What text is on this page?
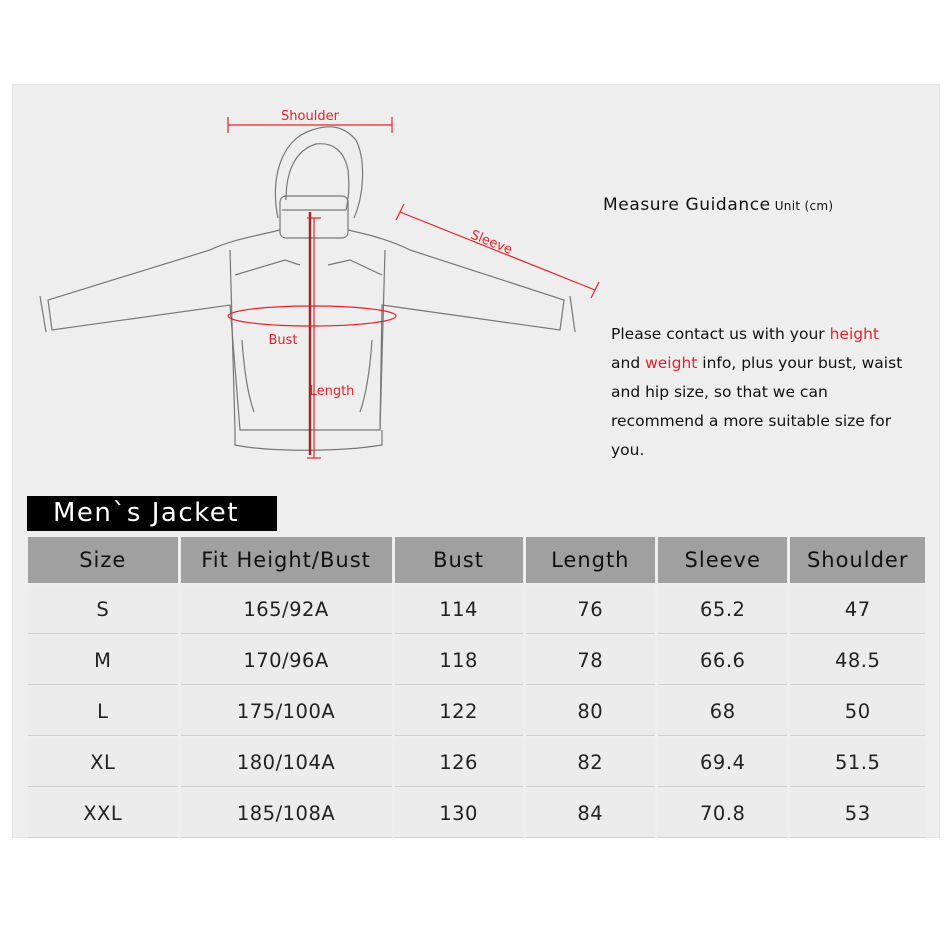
Shoulder
Sleeve
Bust
Length
Measure Guidance Unit (cm)
Please contact us with your height
and weight info, plus your bust, waist and hip size, so that we can recommend a more suitable size for you.
Men`s Jacket
Size	Fit Height/Bust	Bust	Length	Sleeve	Shoulder
S	165/92A	114	76	65.2	47
M	170/96A	118	78	66.6	48.5
L	175/100A	122	80	68	50
XL	180/104A	126	82	69.4	51.5
XXL	185/108A	130	84	70.8	53
